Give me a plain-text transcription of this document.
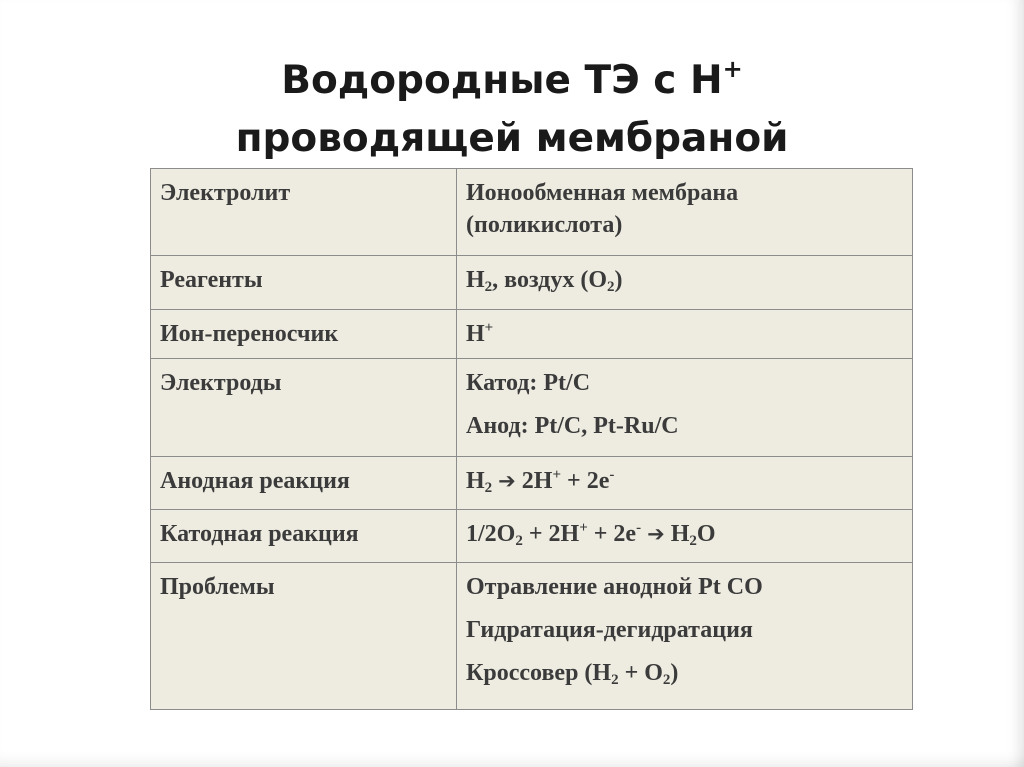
Водородные ТЭ с Н+
проводящей мембраной
Электролит	Ионообменная мембрана
(поликислота)

Реагенты	$H_2$, воздух $(O_2)$
Ион-переносчик	H+
Электроды	Катод: Pt/C
Анод: Pt/C, Pt-Ru/C

Анодная реакция	$H_2$ ➔ 2H+ + 2e-
Катодная реакция	$1/2O_2 + 2H^+ + 2e^-$ ➔ $H_2O$
Проблемы	Отравление анодной Pt CO
Гидратация-дегидратация
Кроссовер $(H_2 + O_2)$
